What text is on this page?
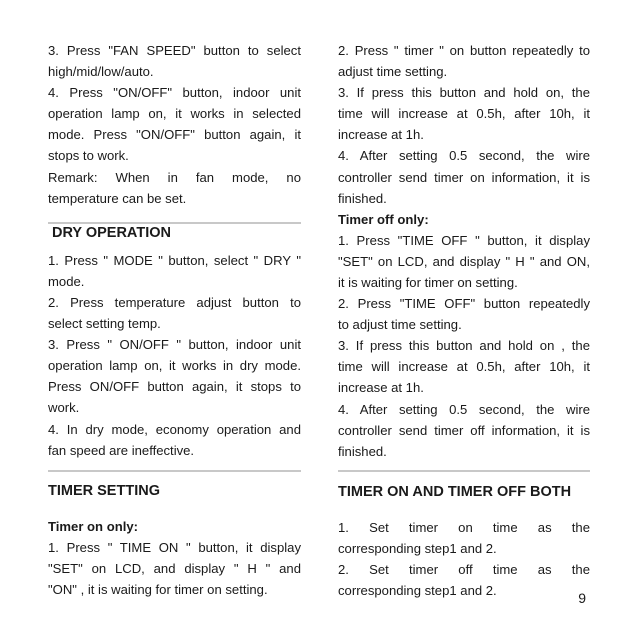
3. Press "FAN SPEED" button to select
high/mid/low/auto.
4. Press "ON/OFF" button, indoor unit
operation lamp on, it works in selected
mode. Press "ON/OFF" button again, it
stops to work.
Remark: When in fan mode, no
temperature can be set.
DRY OPERATION
1. Press " MODE " button, select " DRY "
mode.
2. Press temperature adjust button to
select setting temp.
3. Press " ON/OFF " button, indoor unit
operation lamp on, it works in dry mode.
Press ON/OFF button again, it stops to
work.
4. In dry mode, economy operation and
fan speed are ineffective.
TIMER SETTING
Timer on only:
1. Press " TIME ON " button, it display
"SET" on LCD, and display " H " and
"ON" , it is waiting for timer on setting.
2. Press " timer " on button repeatedly to
adjust time setting.
3. If press this button and hold on, the
time will increase at 0.5h, after 10h, it
increase at 1h.
4. After setting 0.5 second, the wire
controller send timer on information, it is
finished.
Timer off only:
1. Press "TIME OFF " button, it display
"SET" on LCD, and display " H " and ON,
it is waiting for timer on setting.
2. Press "TIME OFF" button repeatedly
to adjust time setting.
3. If press this button and hold on , the
time will increase at 0.5h, after 10h, it
increase at 1h.
4. After setting 0.5 second, the wire
controller send timer off information, it is
finished.
TIMER ON AND TIMER OFF BOTH
1. Set timer on time as the
corresponding step1 and 2.
2. Set timer off time as the
corresponding step1 and 2.	9
